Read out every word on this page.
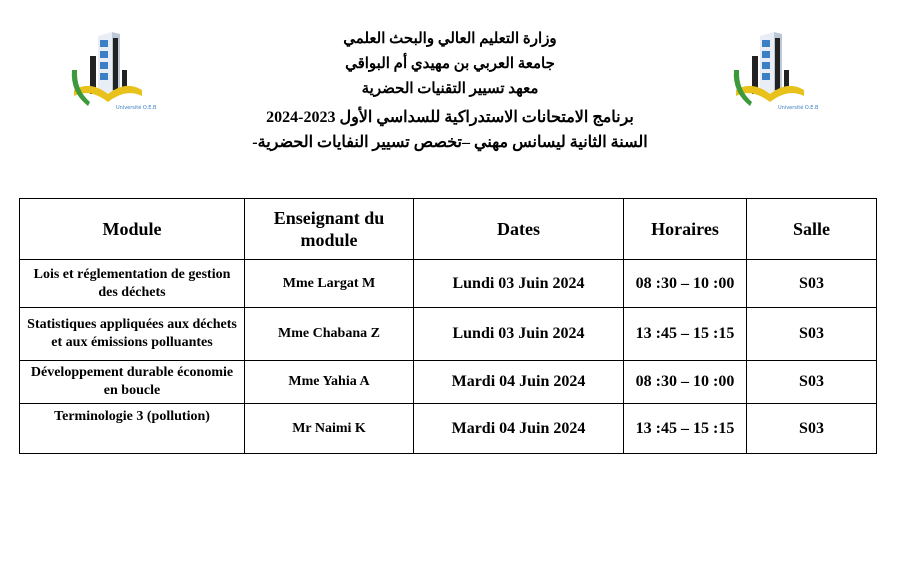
Université O.E.B	Université O.E.B
وزارة التعليم العالي والبحث العلمي
جامعة العربي بن مهيدي أم البواقي
معهد تسيير التقنيات الحضرية
برنامج الامتحانات الاستدراكية للسداسي الأول 2023-2024
السنة الثانية ليسانس مهني –تخصص تسيير النفايات الحضرية-
Module	Enseignant du module	Dates	Horaires	Salle
Lois et réglementation de gestion des déchets	Mme Largat M	Lundi 03 Juin 2024	08 :30 – 10 :00	S03
Statistiques appliquées aux déchets et aux émissions polluantes	Mme Chabana Z	Lundi 03 Juin 2024	13 :45 – 15 :15	S03
Développement durable économie en boucle	Mme Yahia A	Mardi 04 Juin 2024	08 :30 – 10 :00	S03
Terminologie 3 (pollution)	Mr Naimi K	Mardi 04 Juin 2024	13 :45 – 15 :15	S03
